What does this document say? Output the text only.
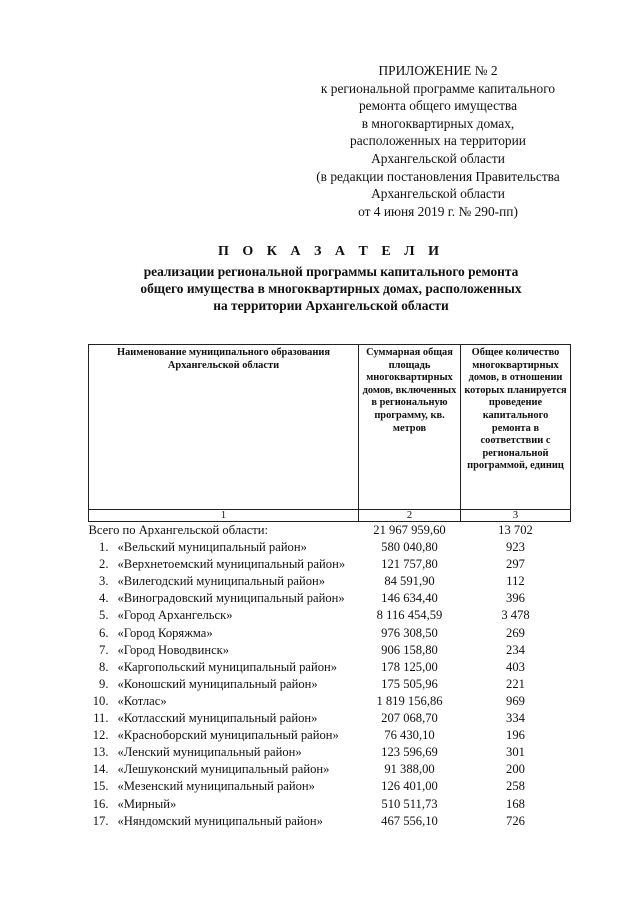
ПРИЛОЖЕНИЕ № 2
к региональной программе капитального
ремонта общего имущества
в многоквартирных домах,
расположенных на территории
Архангельской области
(в редакции постановления Правительства
Архангельской области
от 4 июня 2019 г. № 290-пп)
П О К А З А Т Е Л И
реализации региональной программы капитального ремонта
общего имущества в многоквартирных домах, расположенных
на территории Архангельской области
Наименование муниципального образования Архангельской области	Суммарная общая площадь многоквартирных домов, включенных в региональную программу, кв. метров	Общее количество многоквартирных домов, в отношении которых планируется проведение капитального ремонта в соответствии с региональной программой, единиц
1	2	3
Всего по Архангельской области:	21 967 959,60	13 702
1. «Вельский муниципальный район»	580 040,80	923
2. «Верхнетоемский муниципальный район»	121 757,80	297
3. «Вилегодский муниципальный район»	84 591,90	112
4. «Виноградовский муниципальный район»	146 634,40	396
5. «Город Архангельск»	8 116 454,59	3 478
6. «Город Коряжма»	976 308,50	269
7. «Город Новодвинск»	906 158,80	234
8. «Каргопольский муниципальный район»	178 125,00	403
9. «Коношский муниципальный район»	175 505,96	221
10. «Котлас»	1 819 156,86	969
11. «Котласский муниципальный район»	207 068,70	334
12. «Красноборский муниципальный район»	76 430,10	196
13. «Ленский муниципальный район»	123 596,69	301
14. «Лешуконский муниципальный район»	91 388,00	200
15. «Мезенский муниципальный район»	126 401,00	258
16. «Мирный»	510 511,73	168
17. «Няндомский муниципальный район»	467 556,10	726
